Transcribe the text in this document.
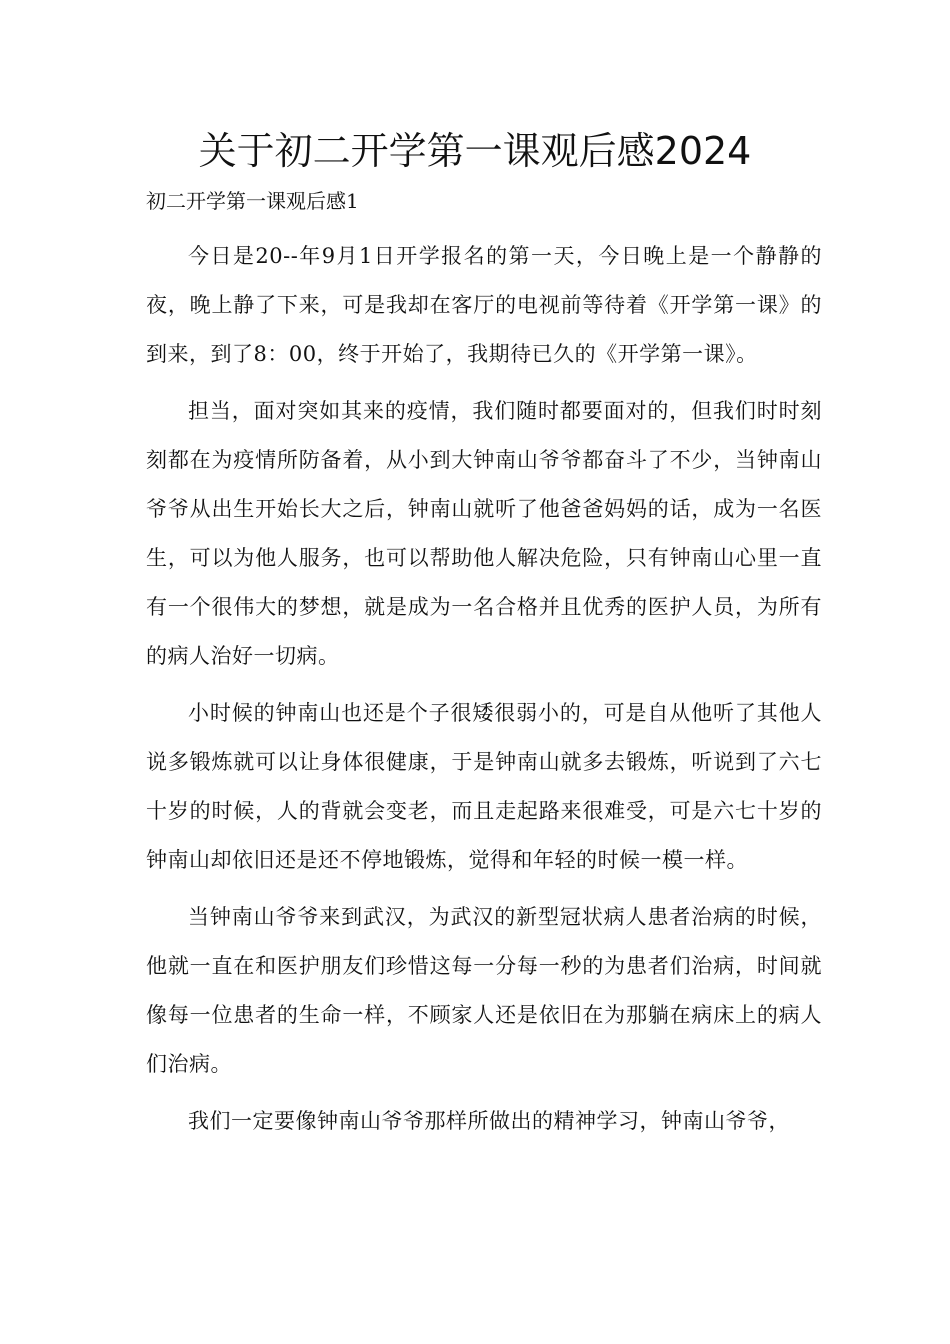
关于初二开学第一课观后感2024
初二开学第一课观后感1

今日是20--年9月1日开学报名的第一天，今日晚上是一个静静的夜，晚上静了下来，可是我却在客厅的电视前等待着《开学第一课》的到来，到了8：00，终于开始了，我期待已久的《开学第一课》。

担当，面对突如其来的疫情，我们随时都要面对的，但我们时时刻刻都在为疫情所防备着，从小到大钟南山爷爷都奋斗了不少，当钟南山爷爷从出生开始长大之后，钟南山就听了他爸爸妈妈的话，成为一名医生，可以为他人服务，也可以帮助他人解决危险，只有钟南山心里一直有一个很伟大的梦想，就是成为一名合格并且优秀的医护人员，为所有的病人治好一切病。

小时候的钟南山也还是个子很矮很弱小的，可是自从他听了其他人说多锻炼就可以让身体很健康，于是钟南山就多去锻炼，听说到了六七十岁的时候，人的背就会变老，而且走起路来很难受，可是六七十岁的钟南山却依旧还是还不停地锻炼，觉得和年轻的时候一模一样。

当钟南山爷爷来到武汉，为武汉的新型冠状病人患者治病的时候，他就一直在和医护朋友们珍惜这每一分每一秒的为患者们治病，时间就像每一位患者的生命一样，不顾家人还是依旧在为那躺在病床上的病人们治病。

我们一定要像钟南山爷爷那样所做出的精神学习，钟南山爷爷，
